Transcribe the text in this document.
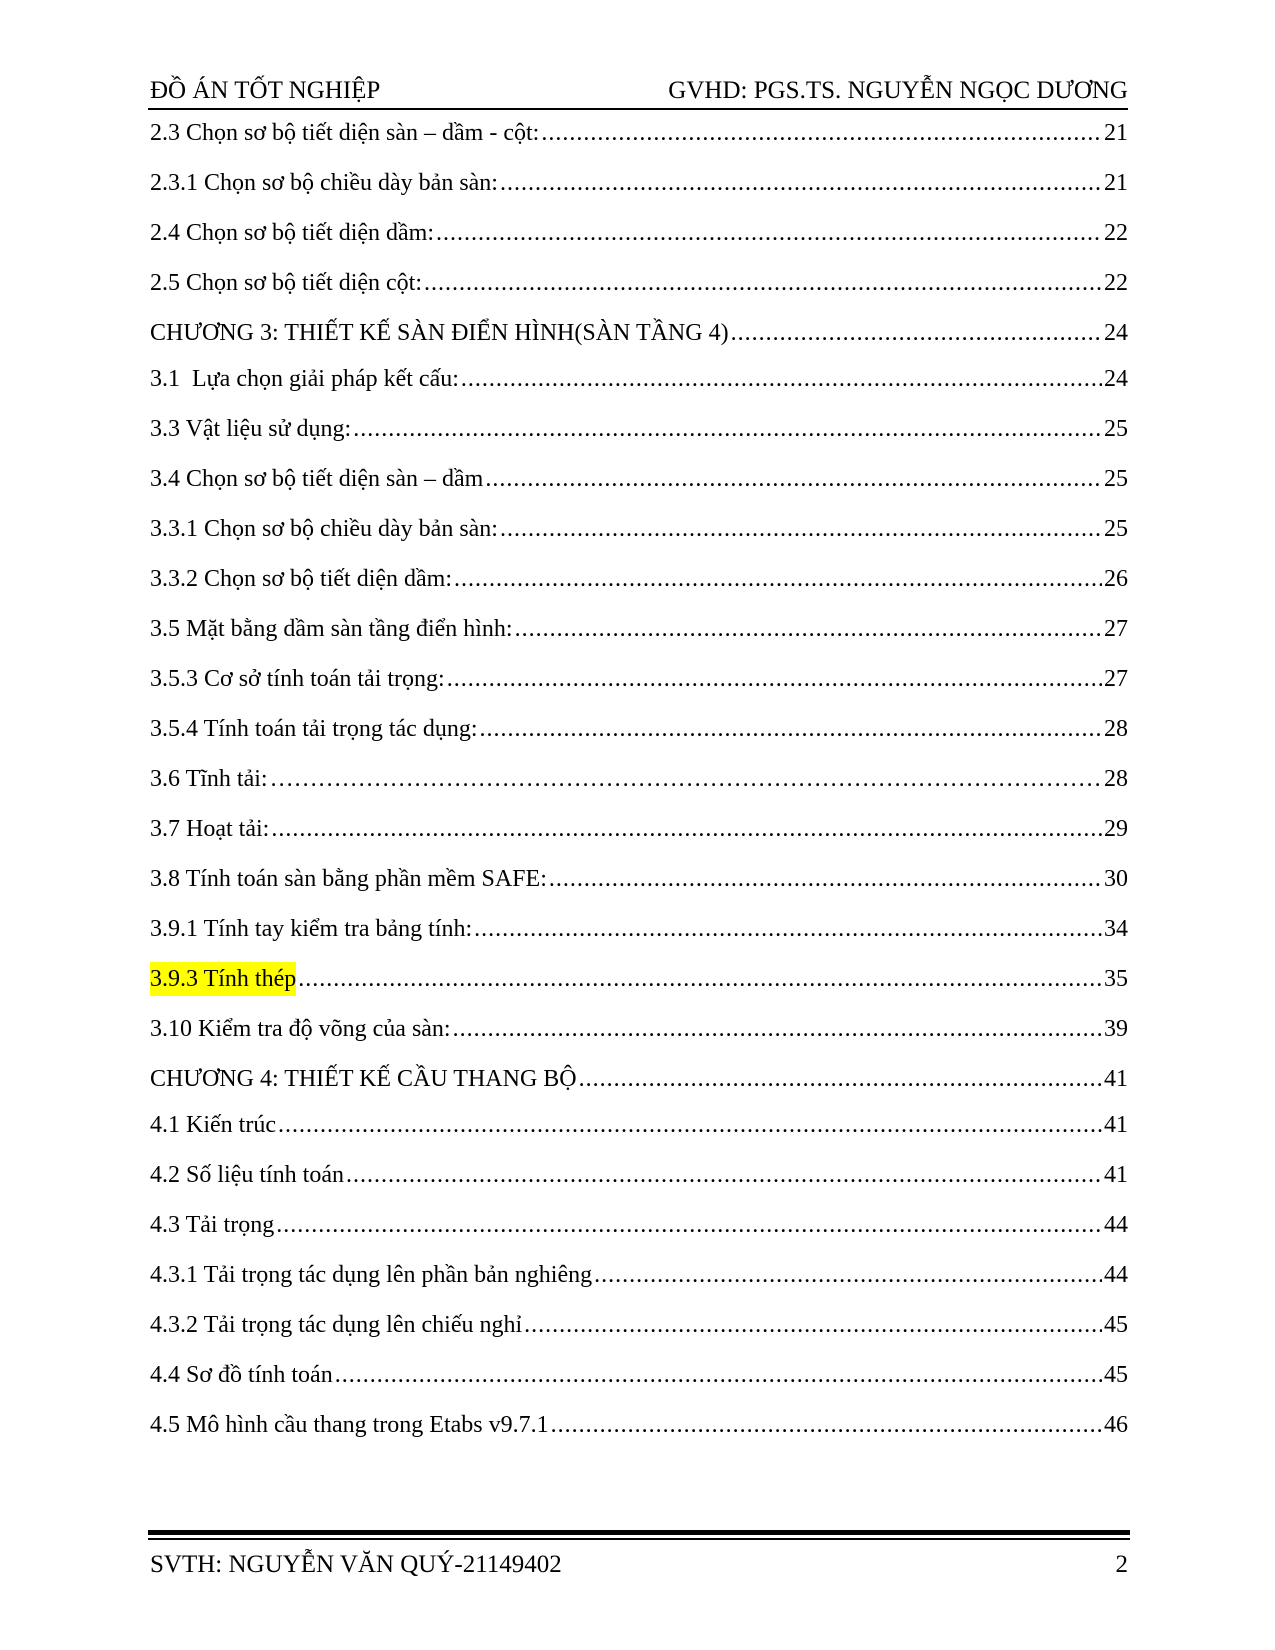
ĐỒ ÁN TỐT NGHIỆP	GVHD: PGS.TS. NGUYỄN NGỌC DƯƠNG
2.3 Chọn sơ bộ tiết diện sàn – dầm - cột: .....	21
2.3.1 Chọn sơ bộ chiều dày bản sàn: .....	21
2.4 Chọn sơ bộ tiết diện dầm: .....	22
2.5 Chọn sơ bộ tiết diện cột: .....	22
CHƯƠNG 3: THIẾT KẾ SÀN ĐIỂN HÌNH(SÀN TẦNG 4) .....	24
3.1  Lựa chọn giải pháp kết cấu: .....	24
3.3 Vật liệu sử dụng: .....	25
3.4 Chọn sơ bộ tiết diện sàn – dầm .....	25
3.3.1 Chọn sơ bộ chiều dày bản sàn: .....	25
3.3.2 Chọn sơ bộ tiết diện dầm: .....	26
3.5 Mặt bằng dầm sàn tầng điển hình: .....	27
3.5.3 Cơ sở tính toán tải trọng: .....	27
3.5.4 Tính toán tải trọng tác dụng: .....	28
3.6 Tĩnh tải: ……………………………………………………………………………………………………………………………	28
3.7 Hoạt tải: .....	29
3.8 Tính toán sàn bằng phần mềm SAFE: .....	30
3.9.1 Tính tay kiểm tra bảng tính: .....	34
3.9.3 Tính thép .....	35
3.10 Kiểm tra độ võng của sàn: .....	39
CHƯƠNG 4: THIẾT KẾ CẦU THANG BỘ .....	41
4.1 Kiến trúc .....	41
4.2 Số liệu tính toán .....	41
4.3 Tải trọng .....	44
4.3.1 Tải trọng tác dụng lên phần bản nghiêng .....	44
4.3.2 Tải trọng tác dụng lên chiếu nghỉ .....	45
4.4 Sơ đồ tính toán .....	45
4.5 Mô hình cầu thang trong Etabs v9.7.1 .....	46
SVTH: NGUYỄN VĂN QUÝ-21149402	2
